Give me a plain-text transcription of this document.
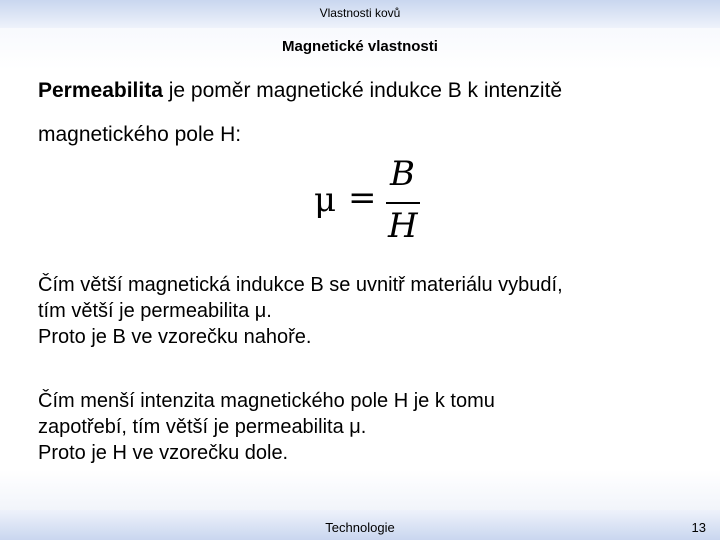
Vlastnosti kovů
Magnetické vlastnosti
Permeabilita je poměr magnetické indukce B k intenzitě
magnetického pole H:
μ =
B
H
Čím větší magnetická indukce B se uvnitř materiálu vybudí,
tím větší je permeabilita μ.
Proto je B ve vzorečku nahoře.
Čím menší intenzita magnetického pole H je k tomu
zapotřebí, tím větší je permeabilita μ.
Proto je H ve vzorečku dole.
Technologie	13
